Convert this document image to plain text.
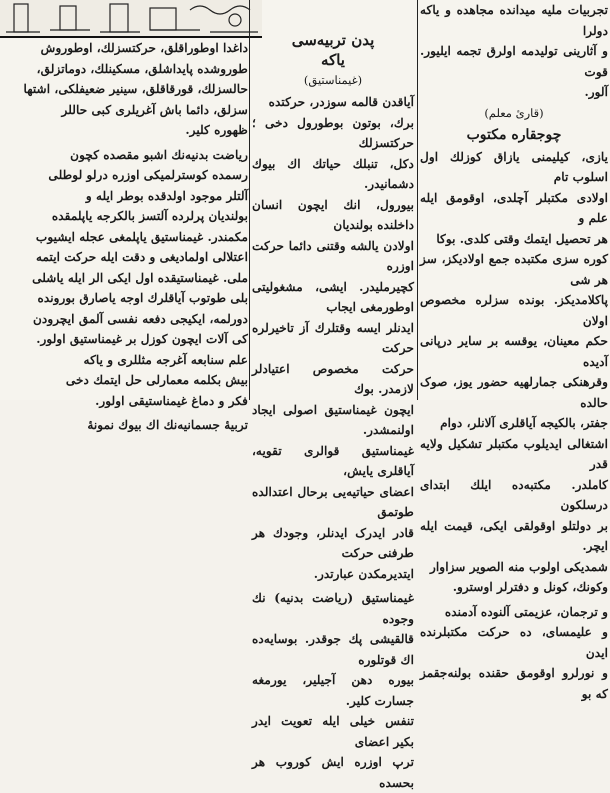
داغدا اوطوراقلق، حرکتسزلك، اوطوروش
طوروشده پایداشلق، مسکینلك، دوماتزلق،
حالسزلك، قورقاقلق، سینیر ضعیفلکی، اشتها
سزلق، دائما باش آغریلری کبی حاللر
ظهوره کلیر.
ریاضت بدنیه‌نك اشبو مقصده کچون
رسمده کوسترلمیکی اوزره درلو لوطلی
آلتلر موجود اولدقده بوطر ایله و
بولندیان پرلرده آلتسز بالکرجه یاپلمقده
مکمندر. غیمناستیق یاپلمغی عجله ایشیوب
اعتلالی اولمادیغی و دقت ایله حرکت ایتمه
ملی. غیمناستیقده اول ایکی الر ایله یاشلی
بلی طوتوب آیاقلرك اوجه یاصارق بورونده
دورلمه، ایکیجی دفعه نفسی آلمق ایچرودن
کی آلات ایچون کوزل بر غیمناستیق اولور.
علم سنابعه آغرجه مثللری و یاکه
بیش بکلمه معمارلی حل ایتمك دخی
فکر و دماغ غیمناستیقی اولور.
تربیهٔ جسمانیه‌نك اك بیوك نمونهٔ
پدن تربیه‌سی
یاکه
(غیمناستیق)
آیاقدن قالمه سوزدر، حرکتده
برك، بوتون بوطورول دخی ؛ حرکتسزلك
دکل، تنبلك حیاتك اك بیوك دشمانیدر.
بیورول، انك ایچون انسان داخلنده بولندیان
اولادن یالشه وقتنی دائما حرکت اوزره
کچیرملیدر. ایشی، مشغولیتی اوطورمغی ایجاب
ایدنلر ایسه وقتلرك آز تاخیرلره حرکت
حرکت مخصوص اعتیادلر لازمدر. بوك
ایچون غیمناستیق اصولی ایجاد اولنمشدر.
غیمناستیق قوالری تقویه، آیاقلری یایش،
اعضای حیاتیه‌یی برحال اعتدالده طوتمق
قادر ایدرک ایدنلر، وجودك هر طرفنی حرکت
ایتدیرمکدن عبارتدر.
غیمناستیق (ریاضت بدنیه) نك وجوده
قالقیشی پك جوقدر. بوسایه‌ده اك قوتلوره
بیوره دهن آجیلیر، یورمغه جسارت کلیر.
تنفس خیلی ایله تعویت ایدر بکیر اعضای
ترپ اوزره ایش کوروب هر بحسده
تجربیات ملیه میدانده مجاهده و یاکه دولرا
و آثارینی تولیدمه اولرق تجمه ایلیور. قوت
آلور.
(قارئ معلم)
چوجقاره مکتوب
یازی، کیلیمنی یازاق کوزلك اول اسلوب تام
اولادی مکتبلر آچلدی، اوقومق ایله علم و
هر تحصیل ایتمك وقتی کلدی. بوکا
کوره سزی مکتبده جمع اولادیکز، سز هر شی
پاکلامدیکز. بونده سزلره مخصوص اولان
حکم معینان، یوقسه بر سایر درپانی آدیده
وقرهنکی جمارلهیه حضور یوز، صوک حالده
جفتر، بالکیجه آیاقلری آلانلر، دوام
اشتغالی ایدیلوب مکتبلر تشکیل ولایه قدر
کاملدر. مکتبه‌ده ایلك ابتدای درسلکون
بر دولتلو اوقولقی ایکی، قیمت ایله ایچر.
شمدیکی اولوب منه الصویر سزاوار
وکونك، کونل و دفترلر اوسترو.
و ترجمان، عزیمتی آلنوده آدمنده
و علیمسای، ده حرکت مکتبلرنده ایدن
و نورلرو اوقومق حقنده بولنه‌جقمز که بو
